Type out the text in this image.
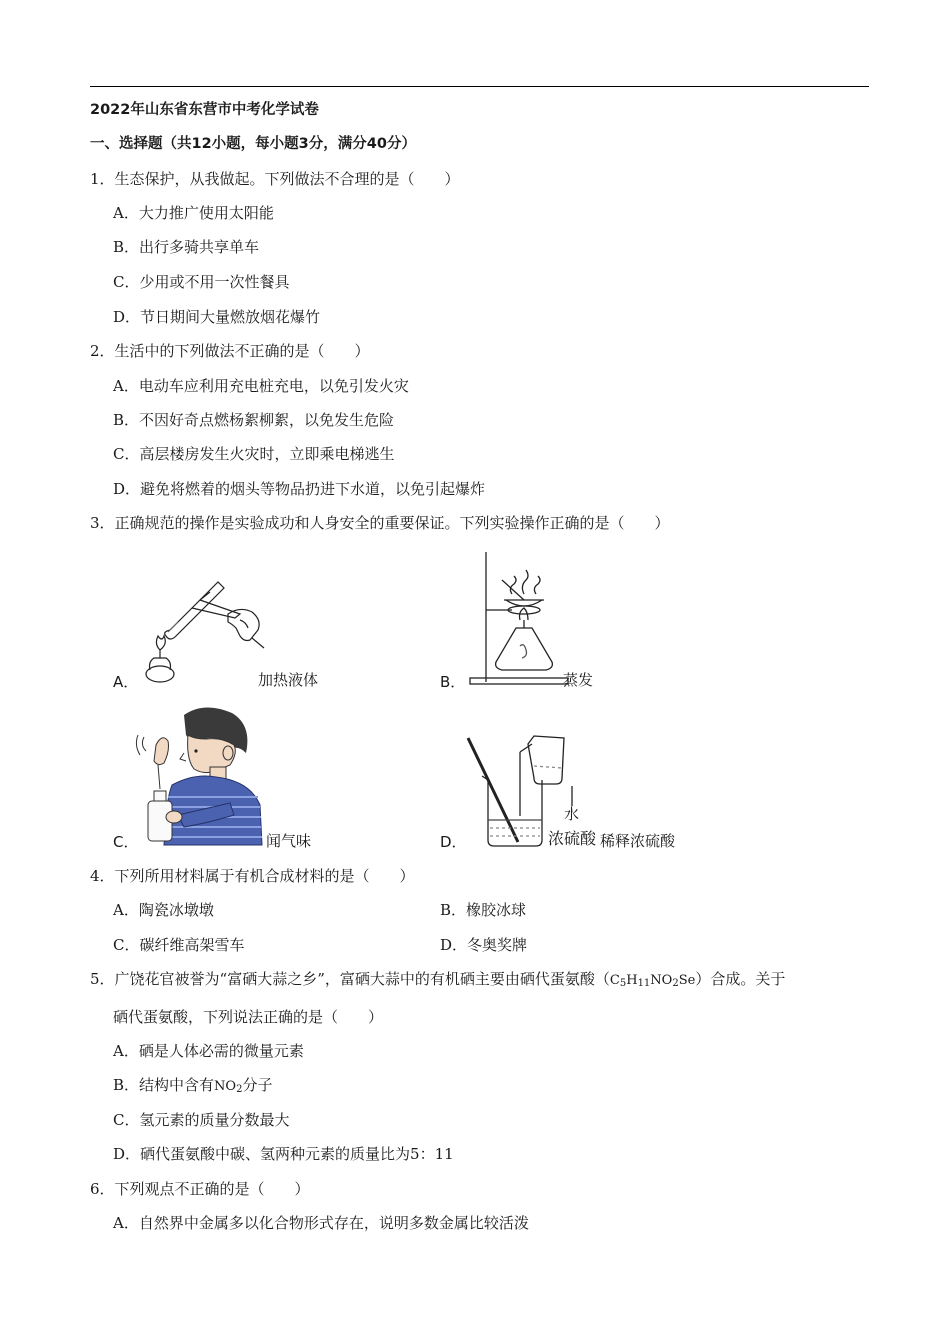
2022年山东省东营市中考化学试卷
一、选择题（共12小题，每小题3分，满分40分）
1．生态保护，从我做起。下列做法不合理的是（　　）
A．大力推广使用太阳能
B．出行多骑共享单车
C．少用或不用一次性餐具
D．节日期间大量燃放烟花爆竹
2．生活中的下列做法不正确的是（　　）
A．电动车应利用充电桩充电，以免引发火灾
B．不因好奇点燃杨絮柳絮，以免发生危险
C．高层楼房发生火灾时，立即乘电梯逃生
D．避免将燃着的烟头等物品扔进下水道，以免引起爆炸
3．正确规范的操作是实验成功和人身安全的重要保证。下列实验操作正确的是（　　）
A．	加热液体	B．	蒸发
C．	闻气味
水
D．	浓硫酸 稀释浓硫酸
4．下列所用材料属于有机合成材料的是（　　）
A．陶瓷冰墩墩	B．橡胶冰球
C．碳纤维高架雪车	D．冬奥奖牌
5．广饶花官被誉为“富硒大蒜之乡”，富硒大蒜中的有机硒主要由硒代蛋氨酸$(C_5H_{11}NO_2Se)$合成。关于
硒代蛋氨酸，下列说法正确的是（　　）
A．硒是人体必需的微量元素
B．结构中含有$NO_2$分子
C．氢元素的质量分数最大
D．硒代蛋氨酸中碳、氢两种元素的质量比为5：11
6．下列观点不正确的是（　　）
A．自然界中金属多以化合物形式存在，说明多数金属比较活泼
